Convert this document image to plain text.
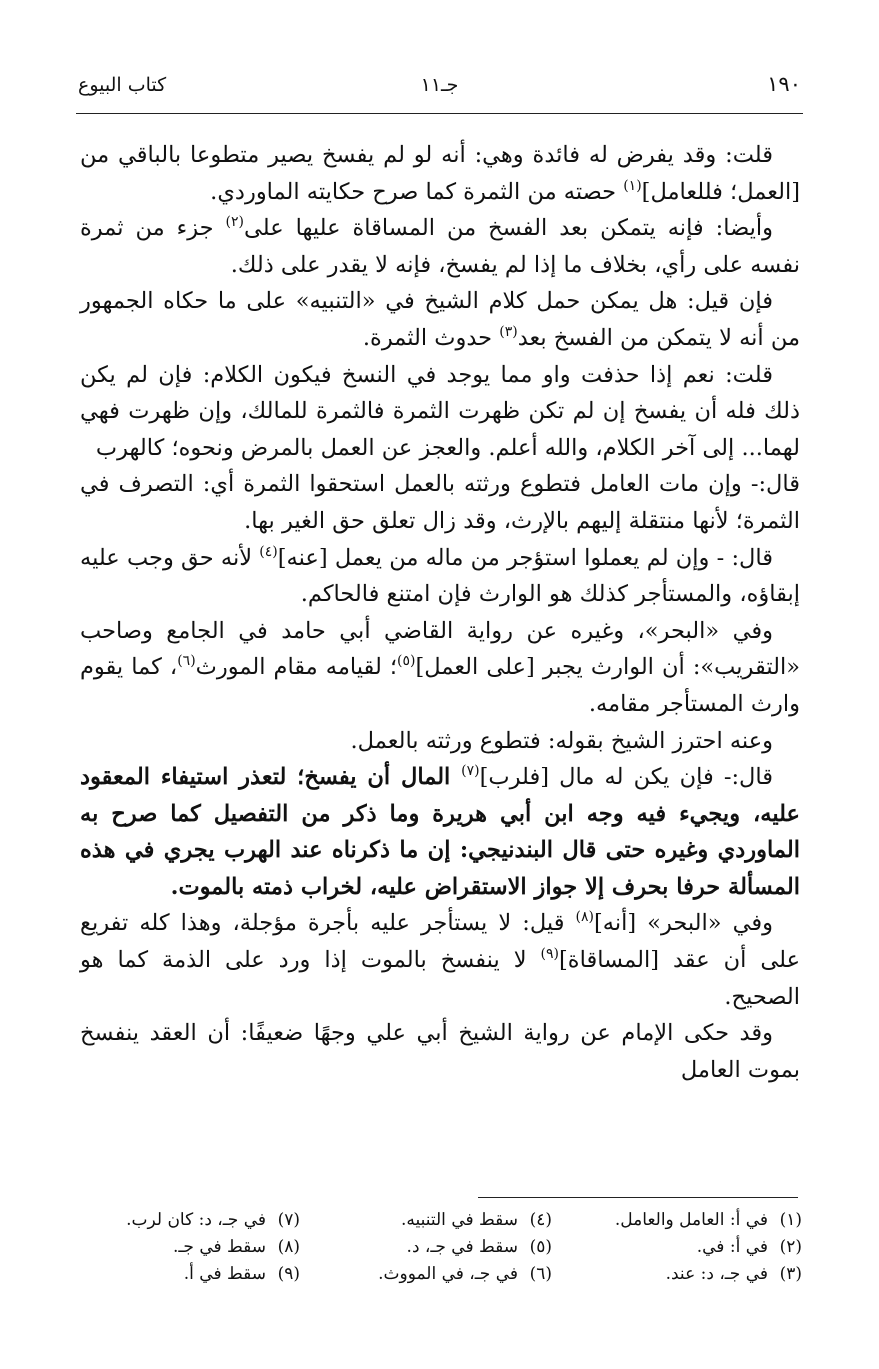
١٩٠
جـ١١
كتاب البيوع

قلت: وقد يفرض له فائدة وهي: أنه لو لم يفسخ يصير متطوعا بالباقي من [العمل؛ فللعامل]$^{(١)}$ حصته من الثمرة كما صرح حكايته الماوردي.

وأيضا: فإنه يتمكن بعد الفسخ من المساقاة عليها على$^{(٢)}$ جزء من ثمرة نفسه على رأي، بخلاف ما إذا لم يفسخ، فإنه لا يقدر على ذلك.

فإن قيل: هل يمكن حمل كلام الشيخ في «التنبيه» على ما حكاه الجمهور من أنه لا يتمكن من الفسخ بعد$^{(٣)}$ حدوث الثمرة.

قلت: نعم إذا حذفت واو مما يوجد في النسخ فيكون الكلام: فإن لم يكن ذلك فله أن يفسخ إن لم تكن ظهرت الثمرة فالثمرة للمالك، وإن ظهرت فهي لهما... إلى آخر الكلام، والله أعلم. والعجز عن العمل بالمرض ونحوه؛ كالهرب

قال:- وإن مات العامل فتطوع ورثته بالعمل استحقوا الثمرة أي: التصرف في الثمرة؛ لأنها منتقلة إليهم بالإرث، وقد زال تعلق حق الغير بها.

قال: - وإن لم يعملوا استؤجر من ماله من يعمل [عنه]$^{(٤)}$ لأنه حق وجب عليه إبقاؤه، والمستأجر كذلك هو الوارث فإن امتنع فالحاكم.

وفي «البحر»، وغيره عن رواية القاضي أبي حامد في الجامع وصاحب «التقريب»: أن الوارث يجبر [على العمل]$^{(٥)}$؛ لقيامه مقام المورث$^{(٦)}$، كما يقوم وارث المستأجر مقامه.

وعنه احترز الشيخ بقوله: فتطوع ورثته بالعمل.

قال:- فإن يكن له مال [فلرب]$^{(٧)}$ المال أن يفسخ؛ لتعذر استيفاء المعقود عليه، ويجيء فيه وجه ابن أبي هريرة وما ذكر من التفصيل كما صرح به الماوردي وغيره حتى قال البندنيجي: إن ما ذكرناه عند الهرب يجري في هذه المسألة حرفا بحرف إلا جواز الاستقراض عليه، لخراب ذمته بالموت.

وفي «البحر» [أنه]$^{(٨)}$ قيل: لا يستأجر عليه بأجرة مؤجلة، وهذا كله تفريع على أن عقد [المساقاة]$^{(٩)}$ لا ينفسخ بالموت إذا ورد على الذمة كما هو الصحيح.

وقد حكى الإمام عن رواية الشيخ أبي علي وجهًا ضعيفًا: أن العقد ينفسخ بموت العامل

(١)في أ: العامل والعامل.
(٤)سقط في التنبيه.
(٧)في جـ، د: كان لرب.
(٢)في أ: في.
(٥)سقط في جـ، د.
(٨)سقط في جـ.
(٣)في جـ، د: عند.
(٦)في جـ، في المووث.
(٩)سقط في أ.
